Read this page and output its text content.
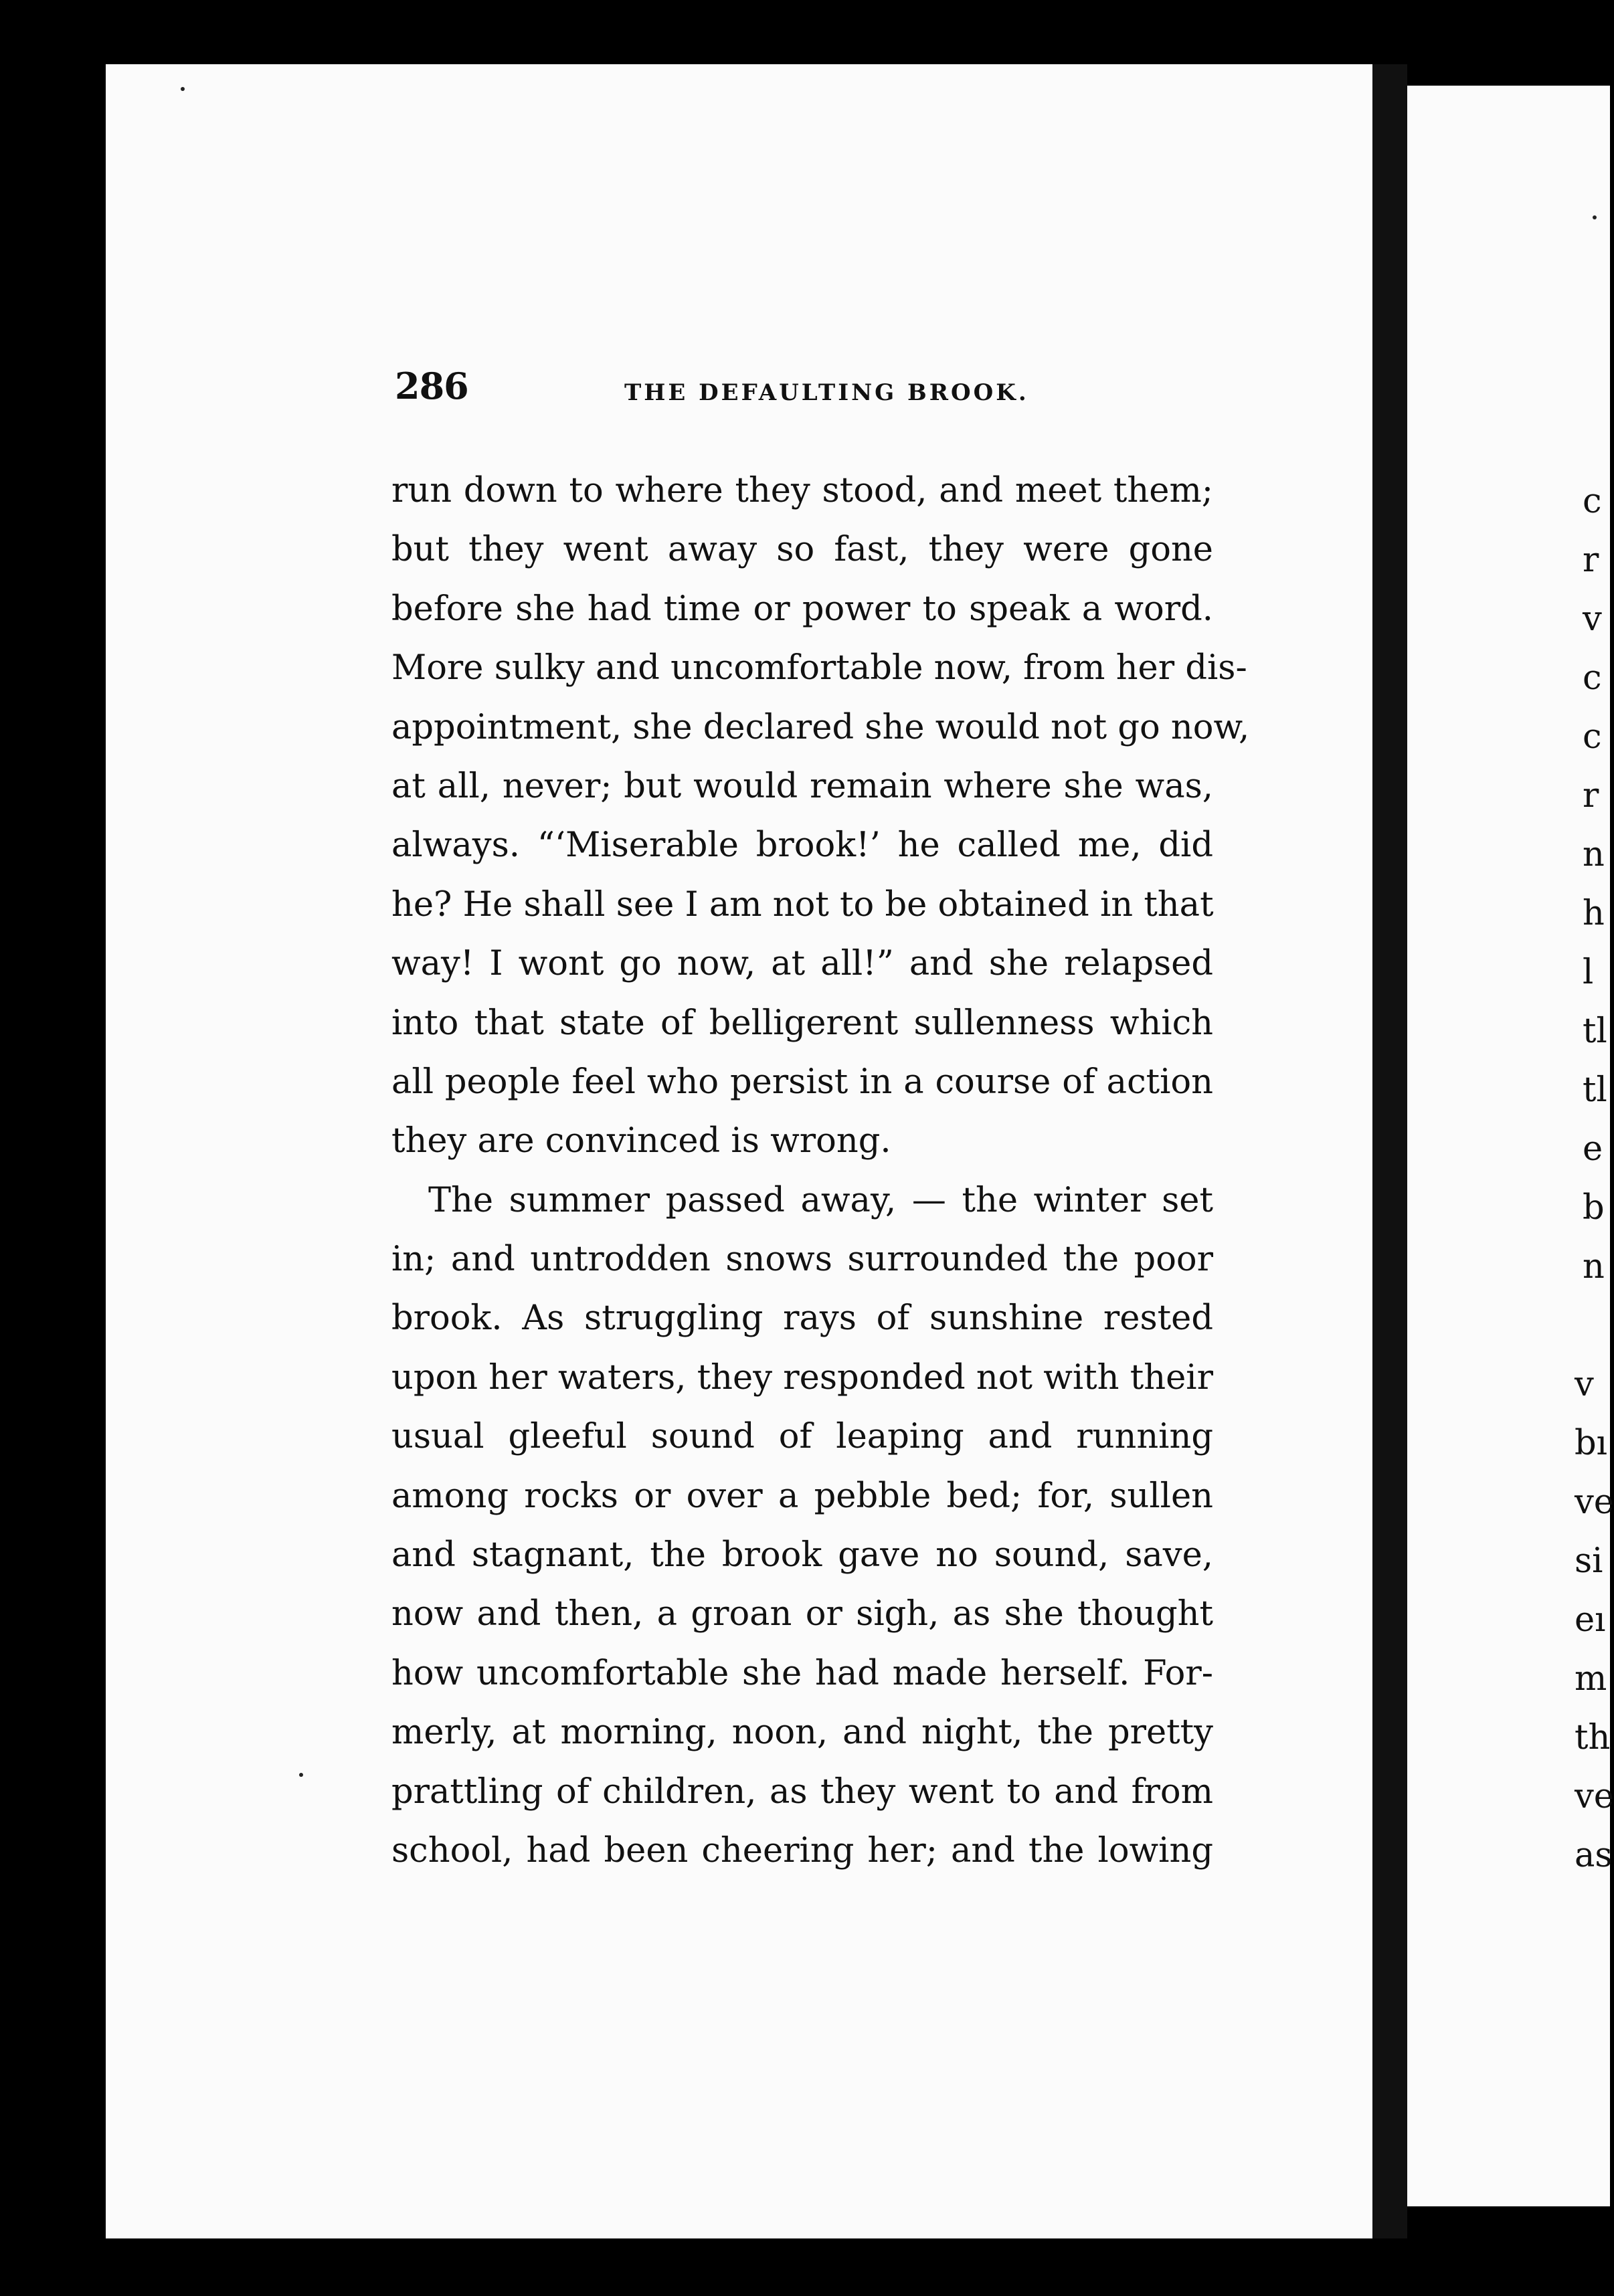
286	THE DEFAULTING BROOK.
run down to where they stood, and meet them;
but they went away so fast, they were gone
before she had time or power to speak a word.
More sulky and uncomfortable now, from her dis-
appointment, she declared she would not go now,
at all, never; but would remain where she was,
always. “‘Miserable brook!’ he called me, did
he? He shall see I am not to be obtained in that
way! I wont go now, at all!” and she relapsed
into that state of belligerent sullenness which
all people feel who persist in a course of action
they are convinced is wrong.
The summer passed away, — the winter set
in; and untrodden snows surrounded the poor
brook. As struggling rays of sunshine rested
upon her waters, they responded not with their
usual gleeful sound of leaping and running
among rocks or over a pebble bed; for, sullen
and stagnant, the brook gave no sound, save,
now and then, a groan or sigh, as she thought
how uncomfortable she had made herself. For-
merly, at morning, noon, and night, the pretty
prattling of children, as they went to and from
school, had been cheering her; and the lowing
c
r
v
c
c
r
n
h
l
tl
tl
e
b
n
v
bı
ve
si
eı
m
th
ve
as
